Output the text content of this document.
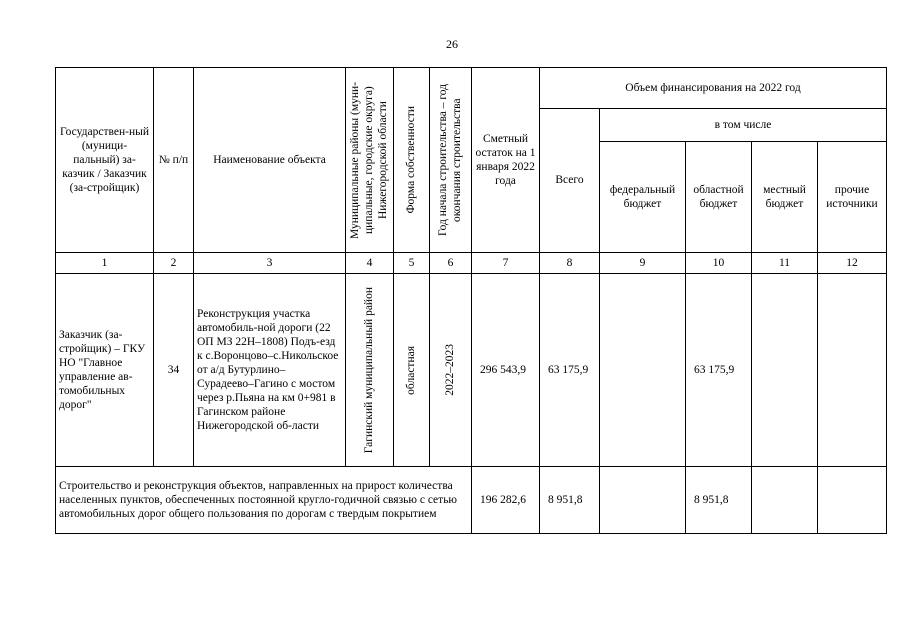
26
Государствен-ный (муници-пальный) за-казчик / Заказчик (за-стройщик)	№ п/п	Наименование объекта	Муниципальные районы (муни-ципальные, городские округа) Нижегородской области	Форма собственности	Год начала строительства – год окончания строительства	Сметный остаток на 1 января 2022 года	Объем финансирования на 2022 год				
							Всего	в том числе			
								федеральный бюджет	областной бюджет	местный бюджет	прочие источники
1	2	3	4	5	6	7	8	9	10	11	12
Заказчик (за-стройщик) – ГКУ НО "Главное управление ав-томобильных дорог"	34	Реконструкция участка автомобиль-ной дороги (22 ОП МЗ 22Н–1808) Подъ-езд к с.Воронцово–с.Никольское от а/д Бутурлино–Сурадеево–Гагино с мостом через р.Пьяна на км 0+981 в Гагинском районе Нижегородской об-ласти	Гагинский муниципальный район	областная	2022–2023	296 543,9	63 175,9		63 175,9		
Строительство и реконструкция объектов, направленных на прирост количества населенных пунктов, обеспеченных постоянной кругло-годичной связью с сетью автомобильных дорог общего пользования по дорогам с твердым покрытием						196 282,6	8 951,8		8 951,8		
